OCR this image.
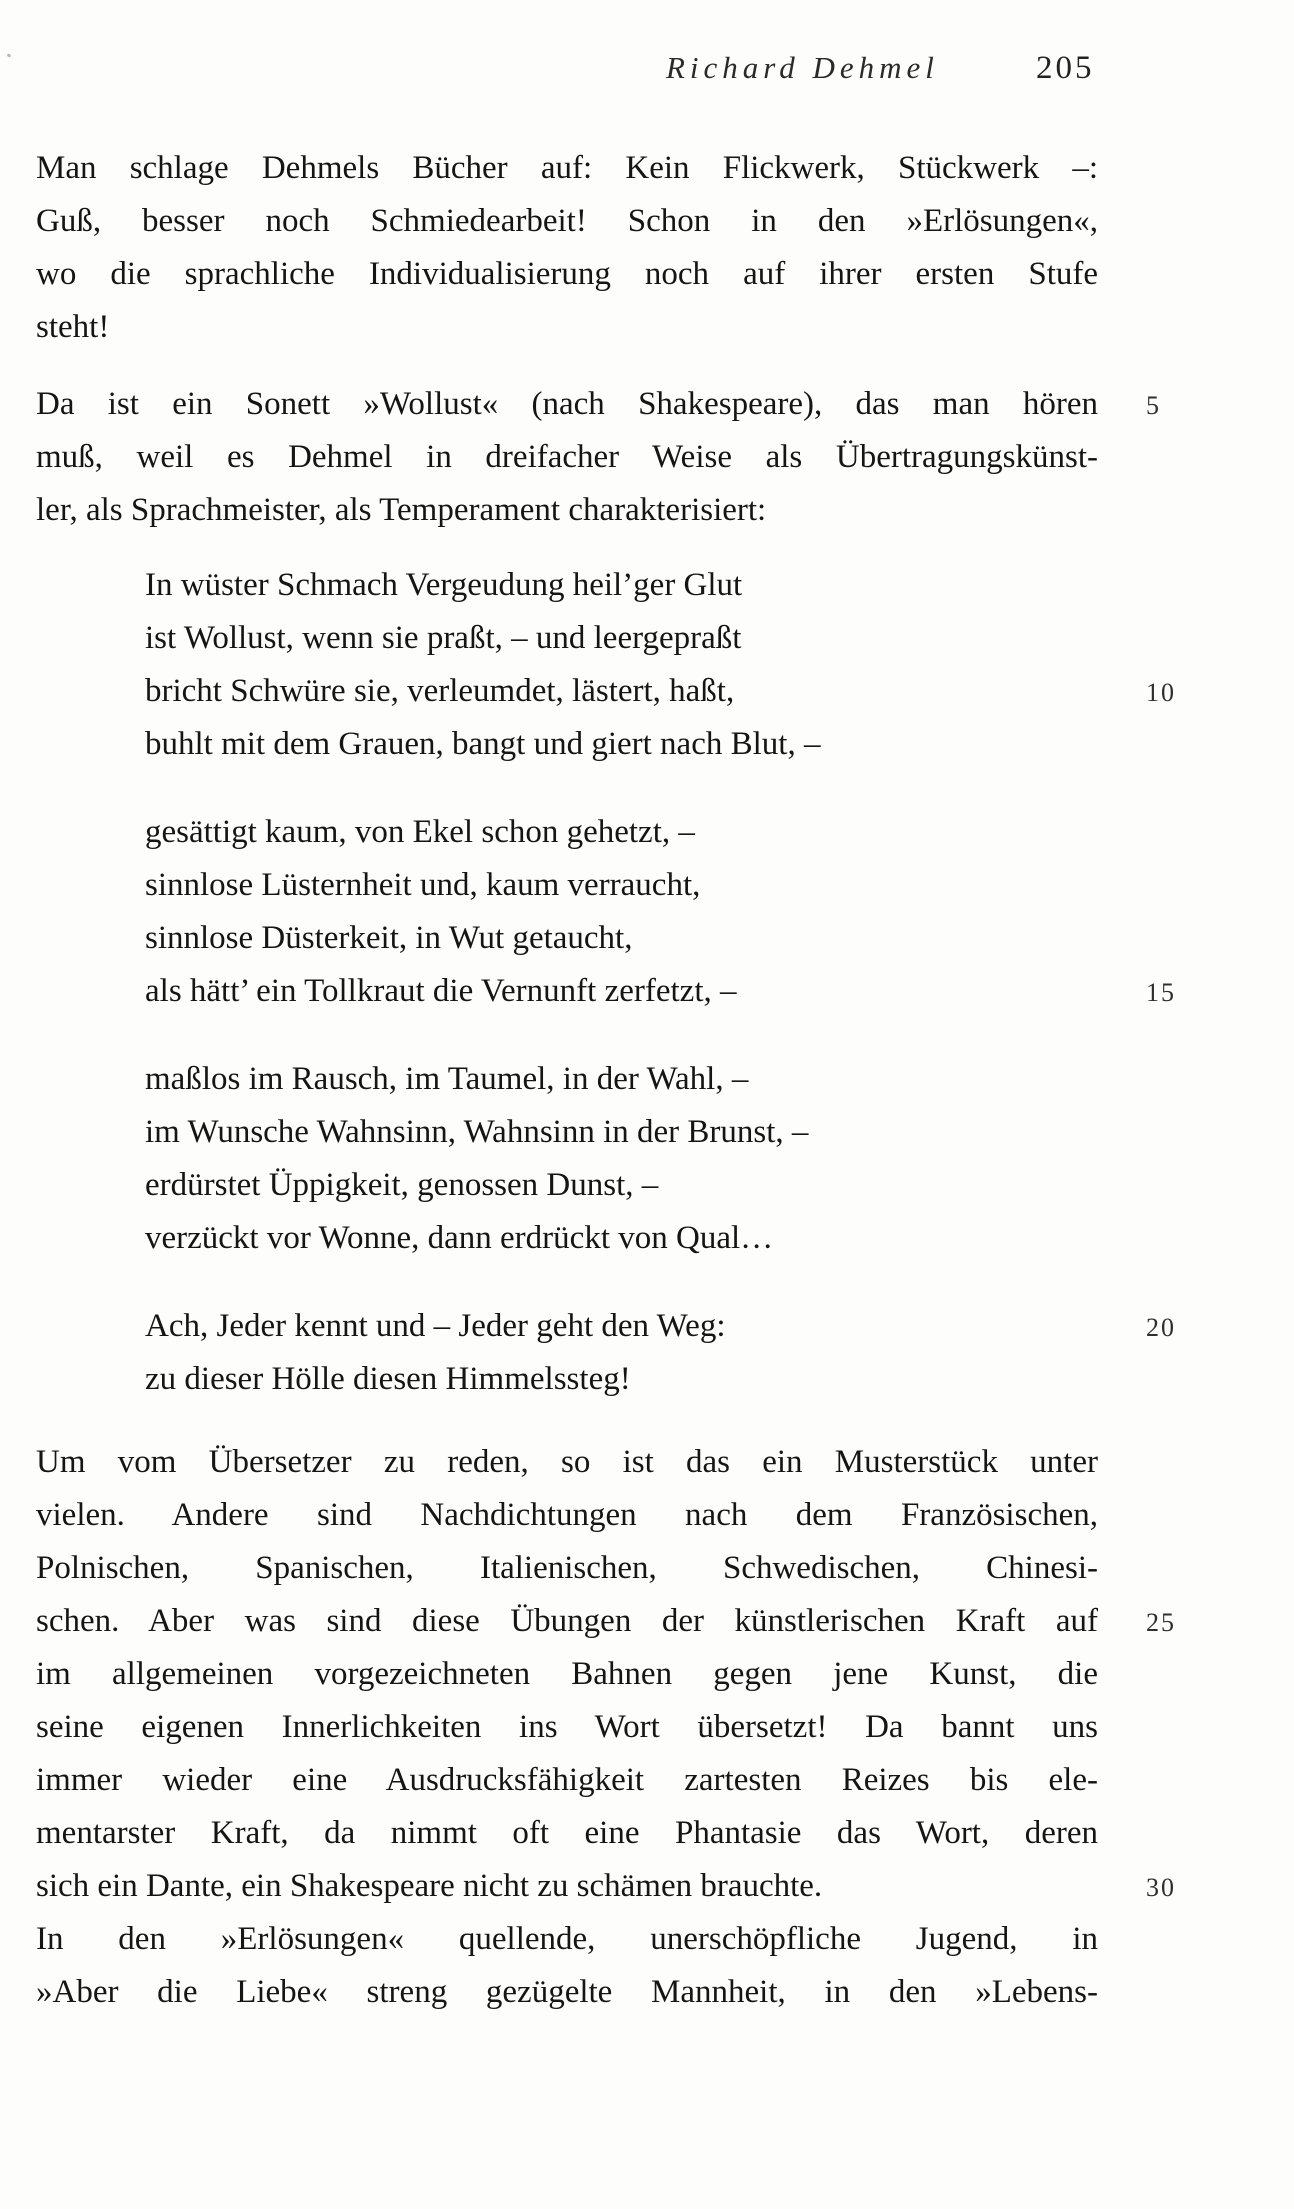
Richard Dehmel	205
Man schlage Dehmels Bücher auf: Kein Flickwerk, Stückwerk –:
Guß, besser noch Schmiedearbeit! Schon in den »Erlösungen«,
wo die sprachliche Individualisierung noch auf ihrer ersten Stufe
steht!
Da ist ein Sonett »Wollust« (nach Shakespeare), das man hören 5
muß, weil es Dehmel in dreifacher Weise als Übertragungskünst-
ler, als Sprachmeister, als Temperament charakterisiert:
In wüster Schmach Vergeudung heil’ger Glut
ist Wollust, wenn sie praßt, – und leergepraßt
bricht Schwüre sie, verleumdet, lästert, haßt,	10
buhlt mit dem Grauen, bangt und giert nach Blut, –
gesättigt kaum, von Ekel schon gehetzt, –
sinnlose Lüsternheit und, kaum verraucht,
sinnlose Düsterkeit, in Wut getaucht,
als hätt’ ein Tollkraut die Vernunft zerfetzt, –	15
maßlos im Rausch, im Taumel, in der Wahl, –
im Wunsche Wahnsinn, Wahnsinn in der Brunst, –
erdürstet Üppigkeit, genossen Dunst, –
verzückt vor Wonne, dann erdrückt von Qual…
Ach, Jeder kennt und – Jeder geht den Weg:	20
zu dieser Hölle diesen Himmelssteg!
Um vom Übersetzer zu reden, so ist das ein Musterstück unter
vielen. Andere sind Nachdichtungen nach dem Französischen,
Polnischen, Spanischen, Italienischen, Schwedischen, Chinesi-
schen. Aber was sind diese Übungen der künstlerischen Kraft auf 25
im allgemeinen vorgezeichneten Bahnen gegen jene Kunst, die
seine eigenen Innerlichkeiten ins Wort übersetzt! Da bannt uns
immer wieder eine Ausdrucksfähigkeit zartesten Reizes bis ele-
mentarster Kraft, da nimmt oft eine Phantasie das Wort, deren
sich ein Dante, ein Shakespeare nicht zu schämen brauchte.	30
In den »Erlösungen« quellende, unerschöpfliche Jugend, in
»Aber die Liebe« streng gezügelte Mannheit, in den »Lebens-
